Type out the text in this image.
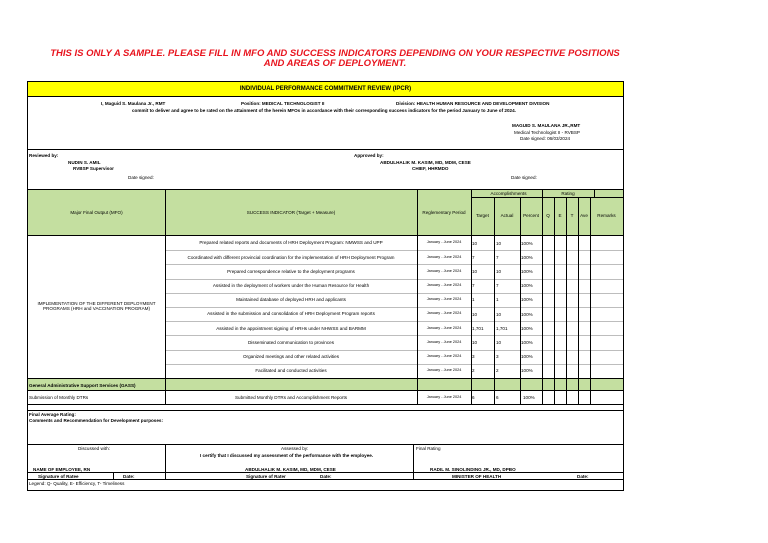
THIS IS ONLY A SAMPLE. PLEASE FILL IN MFO AND SUCCESS INDICATORS DEPENDING ON YOUR RESPECTIVE POSITIONS AND AREAS OF DEPLOYMENT.
INDIVIDUAL PERFORMANCE COMMITMENT REVIEW (IPCR)
I, Maguid S. Maulana Jr., RMT	Position: MEDICAL TECHNOLOGIST II	Division: HEALTH HUMAN RESOURCE AND DEVELOPMENT DIVISION
commit to deliver and agree to be rated on the attainment of the herein MFOs in accordance with their corresponding success indicators for the period January to June of 2024.
MAGUID S. MAULANA JR.,RMT
Medical Technologist II - RVBSP
Date signed: 06/03/2024
Reviewed by:
NUDIN S. AMIL
RVBSP Supervisor
Date signed:
Approved by:
ABDULHALIK M. KASIM, MD, MDM, CESE
CHIEF, HHRMDO
Date signed:
Major Final Output (MFO)	SUCCESS INDICATOR (Target + Measure)	Reglementary Period
Accomplishments
Target	Actual	Percent
Rating
Q	E	T	Ave	Remarks
IMPLEMENTATION OF THE DIFFERENT DEPLOYMENT PROGRAMS (HRH and VACCINATION PROGRAM)
Prepared related reports and documents of HRH Deployment Program: NMWSS and UPP	January - June 2024	10	10	100%
Coordinated with different provincial coordination for the implementation of HRH Deployment Program	January - June 2024	7	7	100%
Prepared correspondence relative to the deployment programs	January - June 2024	10	10	100%
Assisted in the deployment of workers under the Human Resource for Health	January - June 2024	7	7	100%
Maintained database of deployed HRH and applicants	January - June 2024	1	1	100%
Assisted in the submission and consolidation of HRH Deployment Program reports	January - June 2024	10	10	100%
Assisted in the appointment signing of HRHs under NHWSS and BARMM	January - June 2024	1,701	1,701	100%
Disseminated communication to provinces	January - June 2024	10	10	100%
Organized meetings and other related activities	January - June 2024	3	3	100%
Facilitated and conducted activities	January - June 2024	2	2	100%
General Administrative Support Services (GASS)
Submission of Monthly DTRs	Submitted Monthly DTRs and Accomplishment Reports	January - June 2024	6	6	100%
Final Average Rating:
Comments and Recommendation for Development purposes:
Discussed with:	Assessed by:	Final Rating
I certify that I discussed my assessment of the performance with the employee.
NAME OF EMPLOYEE, RN	ABDULHALIK M. KASIM, MD, MDM, CESE	RADIL M. SINOLINDING JR., MD, DPBO
Signature of Ratee	Date:	Signature of Rater	Date:	MINISTER OF HEALTH	Date:
Legend: Q- Quality, E- Efficiency, T- Timeliness
